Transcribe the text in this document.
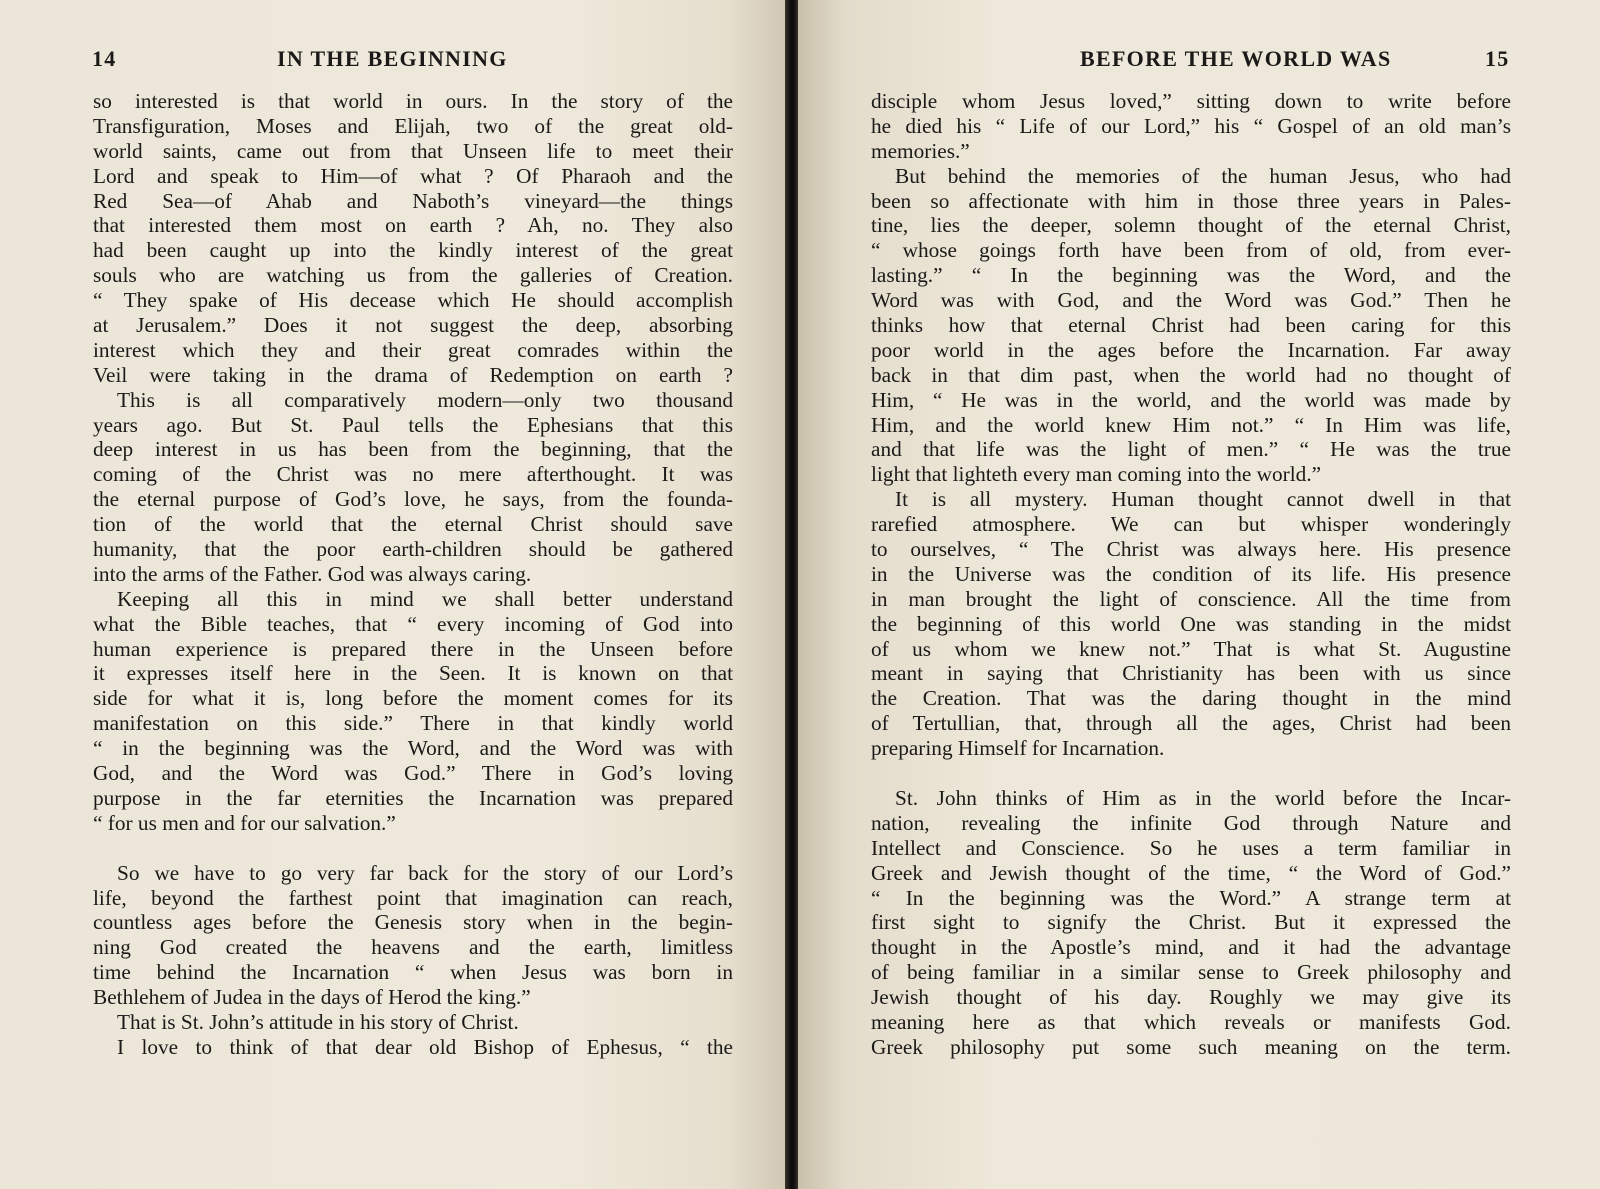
14	IN THE BEGINNING
so interested is that world in ours. In the story of the
Transfiguration, Moses and Elijah, two of the great old-
world saints, came out from that Unseen life to meet their
Lord and speak to Him—of what ? Of Pharaoh and the
Red Sea—of Ahab and Naboth’s vineyard—the things
that interested them most on earth ? Ah, no. They also
had been caught up into the kindly interest of the great
souls who are watching us from the galleries of Creation.
“ They spake of His decease which He should accomplish
at Jerusalem.” Does it not suggest the deep, absorbing
interest which they and their great comrades within the
Veil were taking in the drama of Redemption on earth ?
This is all comparatively modern—only two thousand
years ago. But St. Paul tells the Ephesians that this
deep interest in us has been from the beginning, that the
coming of the Christ was no mere afterthought. It was
the eternal purpose of God’s love, he says, from the founda-
tion of the world that the eternal Christ should save
humanity, that the poor earth-children should be gathered
into the arms of the Father. God was always caring.
Keeping all this in mind we shall better understand
what the Bible teaches, that “ every incoming of God into
human experience is prepared there in the Unseen before
it expresses itself here in the Seen. It is known on that
side for what it is, long before the moment comes for its
manifestation on this side.” There in that kindly world
“ in the beginning was the Word, and the Word was with
God, and the Word was God.” There in God’s loving
purpose in the far eternities the Incarnation was prepared
“ for us men and for our salvation.”
So we have to go very far back for the story of our Lord’s
life, beyond the farthest point that imagination can reach,
countless ages before the Genesis story when in the begin-
ning God created the heavens and the earth, limitless
time behind the Incarnation “ when Jesus was born in
Bethlehem of Judea in the days of Herod the king.”
That is St. John’s attitude in his story of Christ.
I love to think of that dear old Bishop of Ephesus, “ the
BEFORE THE WORLD WAS	15
disciple whom Jesus loved,” sitting down to write before
he died his “ Life of our Lord,” his “ Gospel of an old man’s
memories.”
But behind the memories of the human Jesus, who had
been so affectionate with him in those three years in Pales-
tine, lies the deeper, solemn thought of the eternal Christ,
“ whose goings forth have been from of old, from ever-
lasting.” “ In the beginning was the Word, and the
Word was with God, and the Word was God.” Then he
thinks how that eternal Christ had been caring for this
poor world in the ages before the Incarnation. Far away
back in that dim past, when the world had no thought of
Him, “ He was in the world, and the world was made by
Him, and the world knew Him not.” “ In Him was life,
and that life was the light of men.” “ He was the true
light that lighteth every man coming into the world.”
It is all mystery. Human thought cannot dwell in that
rarefied atmosphere. We can but whisper wonderingly
to ourselves, “ The Christ was always here. His presence
in the Universe was the condition of its life. His presence
in man brought the light of conscience. All the time from
the beginning of this world One was standing in the midst
of us whom we knew not.” That is what St. Augustine
meant in saying that Christianity has been with us since
the Creation. That was the daring thought in the mind
of Tertullian, that, through all the ages, Christ had been
preparing Himself for Incarnation.
St. John thinks of Him as in the world before the Incar-
nation, revealing the infinite God through Nature and
Intellect and Conscience. So he uses a term familiar in
Greek and Jewish thought of the time, “ the Word of God.”
“ In the beginning was the Word.” A strange term at
first sight to signify the Christ. But it expressed the
thought in the Apostle’s mind, and it had the advantage
of being familiar in a similar sense to Greek philosophy and
Jewish thought of his day. Roughly we may give its
meaning here as that which reveals or manifests God.
Greek philosophy put some such meaning on the term.
